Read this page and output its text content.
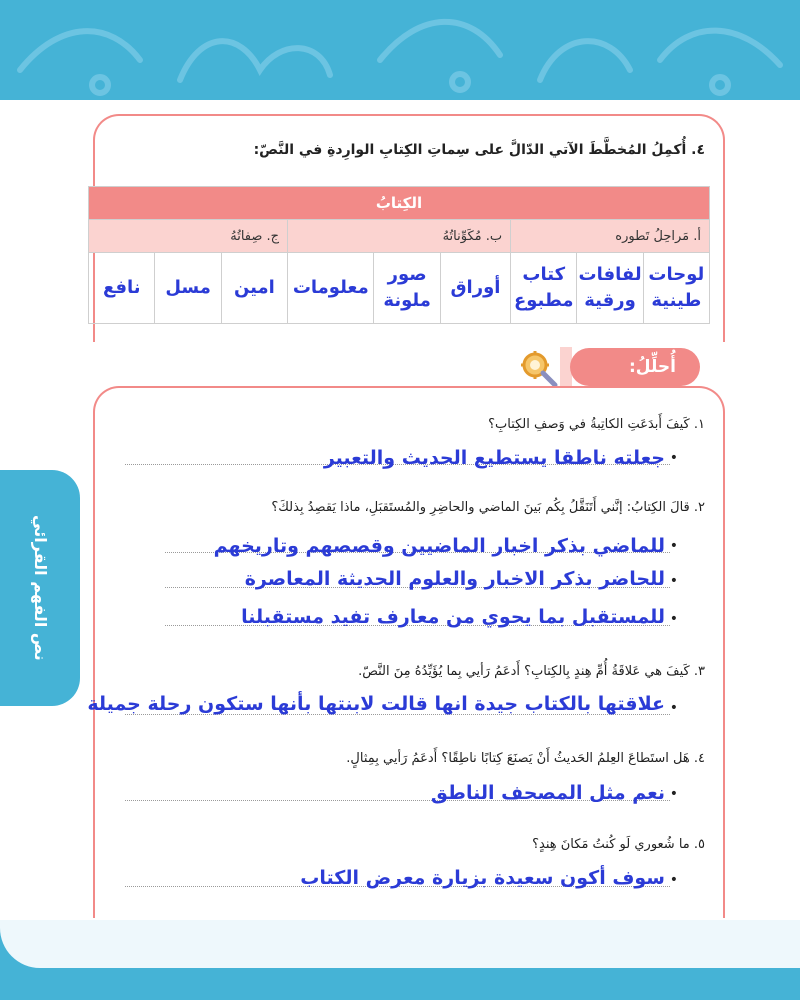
نص الفهم القرائي
٤. أُكمِلُ المُخطَّطَ الآتي الدّالَّ على سِماتِ الكِتابِ الوارِدةِ في النَّصّ:
الكِتابُ								
أ. مَراحِلُ تَطوره			ب. مُكَوِّناتُهُ			ج. صِفاتُهُ		
لوحات طينية	لفافات ورقية	كتاب مطبوع	أوراق	صور ملونة	معلومات	امين	مسل	نافع
أُحلِّلُ:
١. كَيفَ أَبدَعَتِ الكاتِبةُ في وَصفِ الكِتابِ؟
•
جعلته ناطقا يستطيع الحديث والتعبير
٢. قالَ الكِتابُ: إنَّني أَتَنَقَّلُ بِكُم بَينَ الماضي والحاضِرِ والمُستَقبَلِ، ماذا يَقصِدُ بِذلكَ؟
•
للماضي بذكر اخبار الماضيين وقصصهم وتاريخهم
•
للحاضر بذكر الاخبار والعلوم الحديثة المعاصرة
•
للمستقبل بما يحوي من معارف تفيد مستقبلنا
٣. كَيفَ هي عَلاقَةُ أُمِّ هِندٍ بِالكِتابِ؟ أَدعَمُ رَأيي بِما يُؤَيِّدُهُ مِنَ النَّصّ.
•
علاقتها بالكتاب جيدة انها قالت لابنتها بأنها ستكون رحلة جميلة
٤. هَل استَطاعَ العِلمُ الحَديثُ أَنْ يَصنَعَ كِتابًا ناطِقًا؟ أَدعَمُ رَأيي بِمِثالٍ.
•
نعم مثل المصحف الناطق
٥. ما شُعوري لَو كُنتُ مَكانَ هِندٍ؟
•
سوف أكون سعيدة بزيارة معرض الكتاب
